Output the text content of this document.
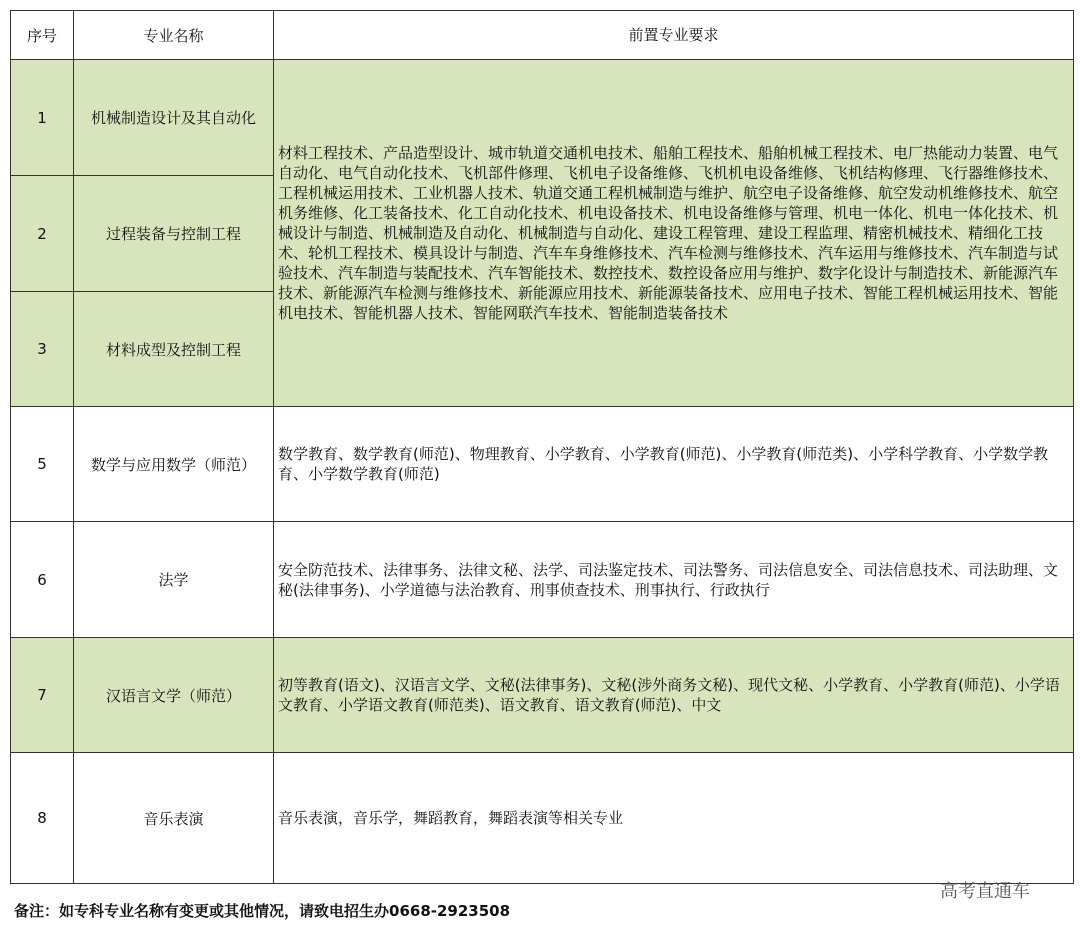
序号	专业名称	前置专业要求
1	机械制造设计及其自动化	材料工程技术、产品造型设计、城市轨道交通机电技术、船舶工程技术、船舶机械工程技术、电厂热能动力装置、电气自动化、电气自动化技术、飞机部件修理、飞机电子设备维修、飞机机电设备维修、飞机结构修理、飞行器维修技术、工程机械运用技术、工业机器人技术、轨道交通工程机械制造与维护、航空电子设备维修、航空发动机维修技术、航空机务维修、化工装备技术、化工自动化技术、机电设备技术、机电设备维修与管理、机电一体化、机电一体化技术、机械设计与制造、机械制造及自动化、机械制造与自动化、建设工程管理、建设工程监理、精密机械技术、精细化工技术、轮机工程技术、模具设计与制造、汽车车身维修技术、汽车检测与维修技术、汽车运用与维修技术、汽车制造与试验技术、汽车制造与装配技术、汽车智能技术、数控技术、数控设备应用与维护、数字化设计与制造技术、新能源汽车技术、新能源汽车检测与维修技术、新能源应用技术、新能源装备技术、应用电子技术、智能工程机械运用技术、智能机电技术、智能机器人技术、智能网联汽车技术、智能制造装备技术
2	过程装备与控制工程	
3	材料成型及控制工程	
5	数学与应用数学（师范）	数学教育、数学教育(师范)、物理教育、小学教育、小学教育(师范)、小学教育(师范类)、小学科学教育、小学数学教育、小学数学教育(师范)
6	法学	安全防范技术、法律事务、法律文秘、法学、司法鉴定技术、司法警务、司法信息安全、司法信息技术、司法助理、文秘(法律事务)、小学道德与法治教育、刑事侦查技术、刑事执行、行政执行
7	汉语言文学（师范）	初等教育(语文)、汉语言文学、文秘(法律事务)、文秘(涉外商务文秘)、现代文秘、小学教育、小学教育(师范)、小学语文教育、小学语文教育(师范类)、语文教育、语文教育(师范)、中文
8	音乐表演	音乐表演，音乐学，舞蹈教育，舞蹈表演等相关专业
高考直通车
备注：如专科专业名称有变更或其他情况，请致电招生办0668-2923508
